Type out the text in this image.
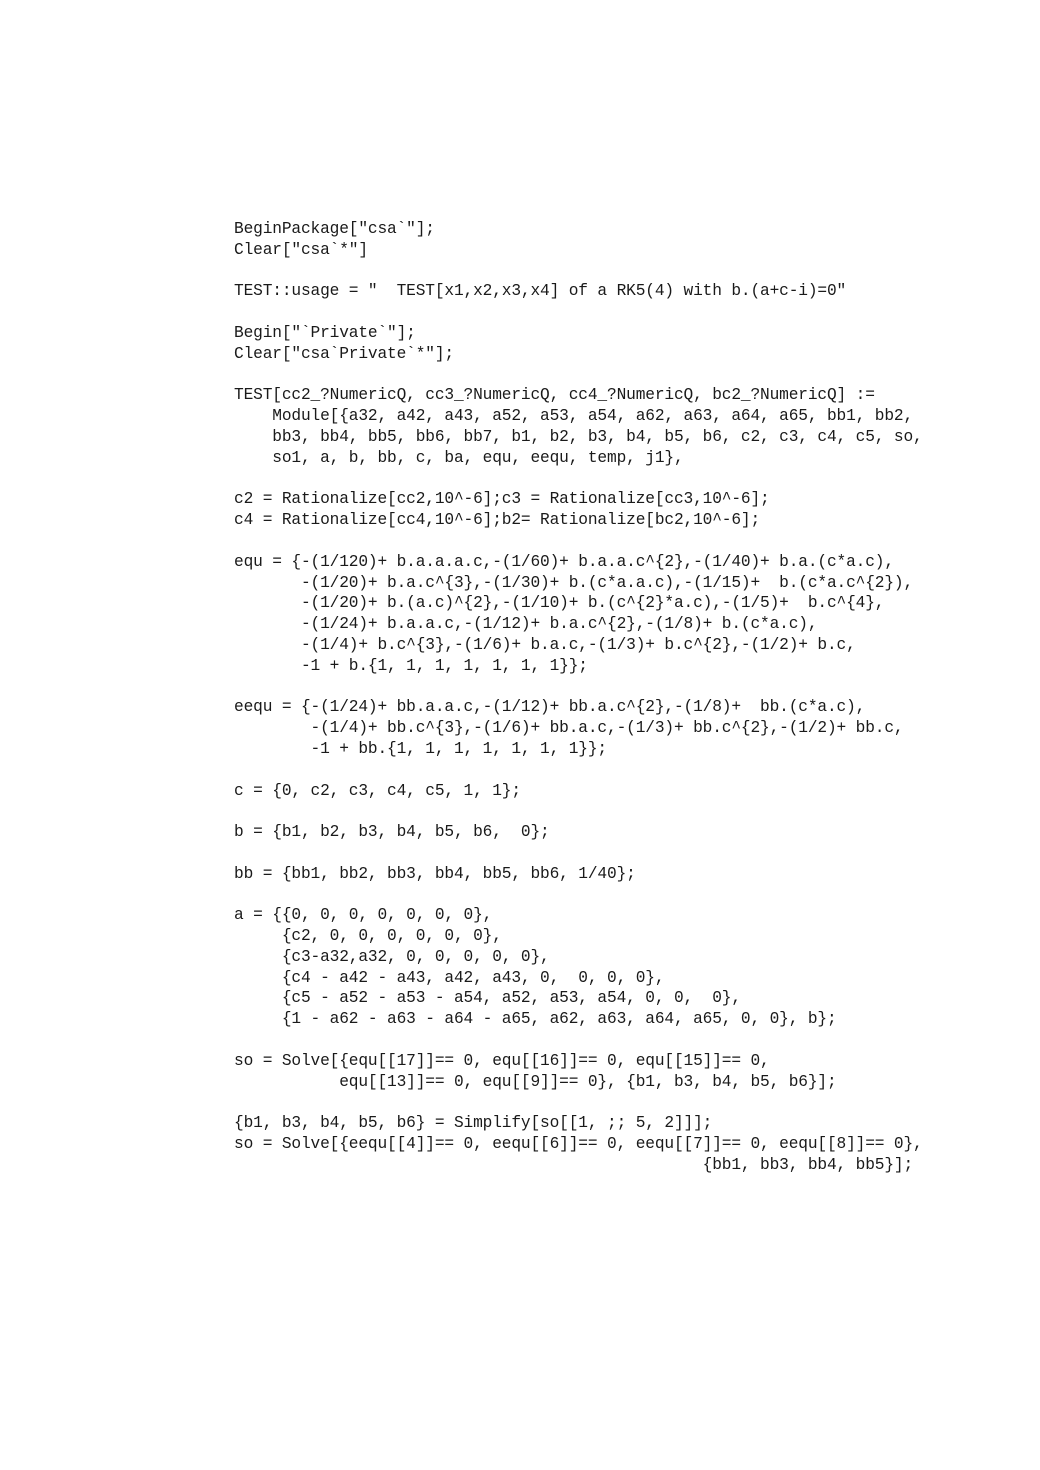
BeginPackage["csa`"];
Clear["csa`*"]
TEST::usage = "  TEST[x1,x2,x3,x4] of a RK5(4) with b.(a+c-i)=0"
Begin["`Private`"];
Clear["csa`Private`*"];
TEST[cc2_?NumericQ, cc3_?NumericQ, cc4_?NumericQ, bc2_?NumericQ] :=
Module[{a32, a42, a43, a52, a53, a54, a62, a63, a64, a65, bb1, bb2,
bb3, bb4, bb5, bb6, bb7, b1, b2, b3, b4, b5, b6, c2, c3, c4, c5, so,
so1, a, b, bb, c, ba, equ, eequ, temp, j1},
c2 = Rationalize[cc2,10^-6];c3 = Rationalize[cc3,10^-6];
c4 = Rationalize[cc4,10^-6];b2= Rationalize[bc2,10^-6];
equ = {-(1/120)+ b.a.a.a.c,-(1/60)+ b.a.a.c^{2},-(1/40)+ b.a.(c*a.c),
-(1/20)+ b.a.c^{3},-(1/30)+ b.(c*a.a.c),-(1/15)+  b.(c*a.c^{2}),
-(1/20)+ b.(a.c)^{2},-(1/10)+ b.(c^{2}*a.c),-(1/5)+  b.c^{4},
-(1/24)+ b.a.a.c,-(1/12)+ b.a.c^{2},-(1/8)+ b.(c*a.c),
-(1/4)+ b.c^{3},-(1/6)+ b.a.c,-(1/3)+ b.c^{2},-(1/2)+ b.c,
-1 + b.{1, 1, 1, 1, 1, 1, 1}};
eequ = {-(1/24)+ bb.a.a.c,-(1/12)+ bb.a.c^{2},-(1/8)+  bb.(c*a.c),
-(1/4)+ bb.c^{3},-(1/6)+ bb.a.c,-(1/3)+ bb.c^{2},-(1/2)+ bb.c,
-1 + bb.{1, 1, 1, 1, 1, 1, 1}};
c = {0, c2, c3, c4, c5, 1, 1};
b = {b1, b2, b3, b4, b5, b6,  0};
bb = {bb1, bb2, bb3, bb4, bb5, bb6, 1/40};
a = {{0, 0, 0, 0, 0, 0, 0},
{c2, 0, 0, 0, 0, 0, 0},
{c3-a32,a32, 0, 0, 0, 0, 0},
{c4 - a42 - a43, a42, a43, 0,  0, 0, 0},
{c5 - a52 - a53 - a54, a52, a53, a54, 0, 0,  0},
{1 - a62 - a63 - a64 - a65, a62, a63, a64, a65, 0, 0}, b};
so = Solve[{equ[[17]]== 0, equ[[16]]== 0, equ[[15]]== 0,
equ[[13]]== 0, equ[[9]]== 0}, {b1, b3, b4, b5, b6}];
{b1, b3, b4, b5, b6} = Simplify[so[[1, ;; 5, 2]]];
so = Solve[{eequ[[4]]== 0, eequ[[6]]== 0, eequ[[7]]== 0, eequ[[8]]== 0},
{bb1, bb3, bb4, bb5}];
